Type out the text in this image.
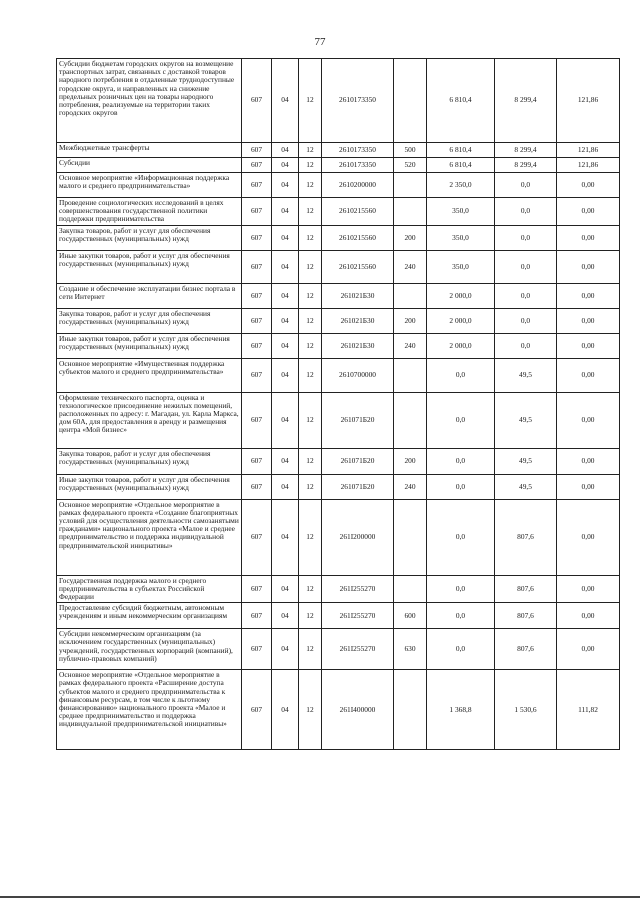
77
Субсидии бюджетам городских округов на возмещение транспортных затрат, связанных с доставкой товаров народного потребления в отдаленные труднодоступные городские округа, и направленных на снижение предельных розничных цен на товары народного потребления, реализуемые на территории таких городских округов	607	04	12	2610173350		6 810,4	8 299,4	121,86
Межбюджетные трансферты	607	04	12	2610173350	500	6 810,4	8 299,4	121,86
Субсидии	607	04	12	2610173350	520	6 810,4	8 299,4	121,86
Основное мероприятие «Информационная поддержка малого и среднего предпринимательства»	607	04	12	2610200000		2 350,0	0,0	0,00
Проведение социологических исследований в целях совершенствования государственной политики поддержки предпринимательства	607	04	12	2610215560		350,0	0,0	0,00
Закупка товаров, работ и услуг для обеспечения государственных (муниципальных) нужд	607	04	12	2610215560	200	350,0	0,0	0,00
Иные закупки товаров, работ и услуг для обеспечения государственных (муниципальных) нужд	607	04	12	2610215560	240	350,0	0,0	0,00
Создание и обеспечение эксплуатации бизнес портала в сети Интернет	607	04	12	261021Б30		2 000,0	0,0	0,00
Закупка товаров, работ и услуг для обеспечения государственных (муниципальных) нужд	607	04	12	261021Б30	200	2 000,0	0,0	0,00
Иные закупки товаров, работ и услуг для обеспечения государственных (муниципальных) нужд	607	04	12	261021Б30	240	2 000,0	0,0	0,00
Основное мероприятие «Имущественная поддержка субъектов малого и среднего предпринимательства»	607	04	12	2610700000		0,0	49,5	0,00
Оформление технического паспорта, оценка и технологическое присоединение нежилых помещений, расположенных по адресу: г. Магадан, ул. Карла Маркса, дом 60А, для предоставления в аренду и размещения центра «Мой бизнес»	607	04	12	261071Б20		0,0	49,5	0,00
Закупка товаров, работ и услуг для обеспечения государственных (муниципальных) нужд	607	04	12	261071Б20	200	0,0	49,5	0,00
Иные закупки товаров, работ и услуг для обеспечения государственных (муниципальных) нужд	607	04	12	261071Б20	240	0,0	49,5	0,00
Основное мероприятие «Отдельное мероприятие в рамках федерального проекта «Создание благоприятных условий для осуществления деятельности самозанятыми гражданами» национального проекта «Малое и среднее предпринимательство и поддержка индивидуальной предпринимательской инициативы»	607	04	12	261I200000		0,0	807,6	0,00
Государственная поддержка малого и среднего предпринимательства в субъектах Российской Федерации	607	04	12	261I255270		0,0	807,6	0,00
Предоставление субсидий бюджетным, автономным учреждениям и иным некоммерческим организациям	607	04	12	261I255270	600	0,0	807,6	0,00
Субсидии некоммерческим организациям (за исключением государственных (муниципальных) учреждений, государственных корпораций (компаний), публично-правовых компаний)	607	04	12	261I255270	630	0,0	807,6	0,00
Основное мероприятие «Отдельное мероприятие в рамках федерального проекта «Расширение доступа субъектов малого и среднего предпринимательства к финансовым ресурсам, в том числе к льготному финансированию» национального проекта «Малое и среднее предпринимательство и поддержка индивидуальной предпринимательской инициативы»	607	04	12	261I400000		1 368,8	1 530,6	111,82
